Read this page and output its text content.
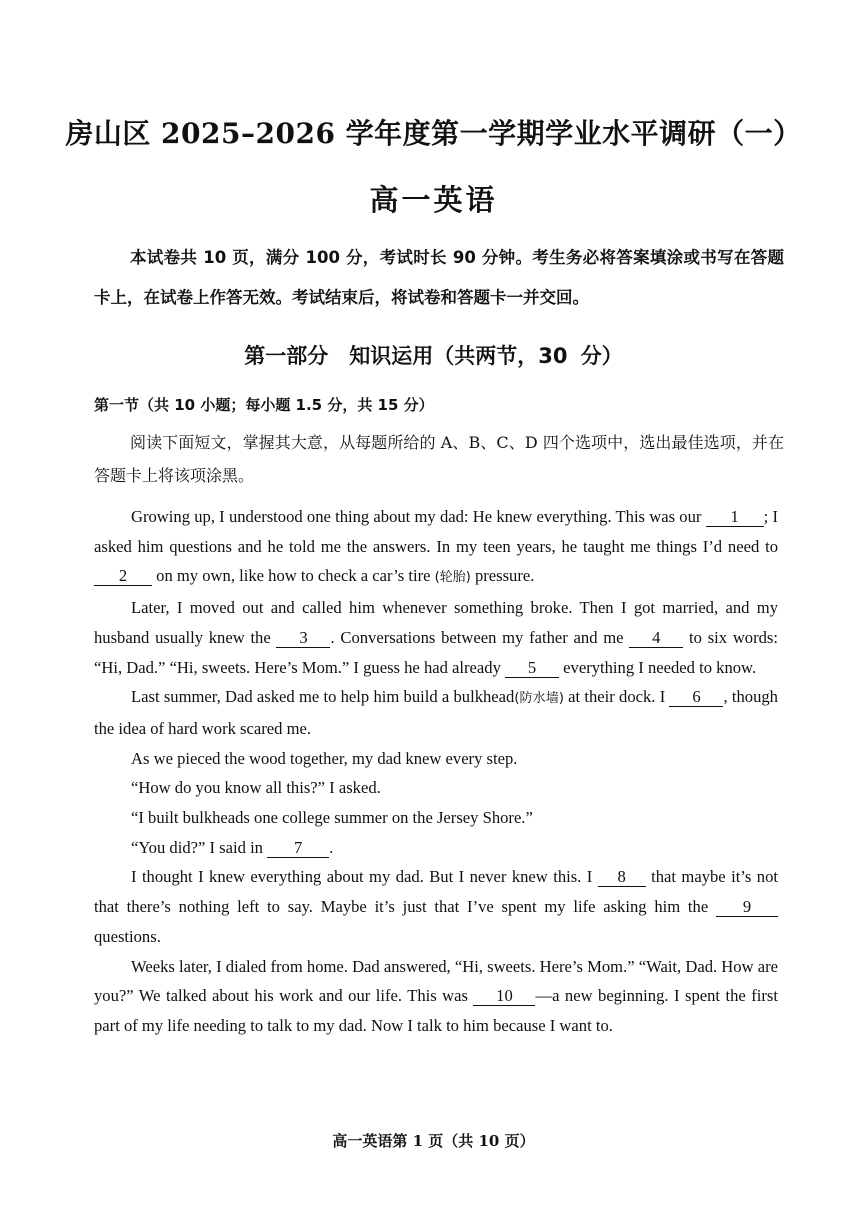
房山区 2025–2026 学年度第一学期学业水平调研（一）
高一英语
本试卷共 10 页，满分 100 分，考试时长 90 分钟。考生务必将答案填涂或书写在答题卡上，在试卷上作答无效。考试结束后，将试卷和答题卡一并交回。
第一部分　知识运用（共两节，30 分）
第一节（共 10 小题；每小题 1.5 分，共 15 分）
阅读下面短文，掌握其大意，从每题所给的 A、B、C、D 四个选项中，选出最佳选项，并在答题卡上将该项涂黑。

Growing up, I understood one thing about my dad: He knew everything. This was our 1 ; I asked him questions and he told me the answers. In my teen years, he taught me things I’d need to 2 on my own, like how to check a car’s tire (轮胎) pressure.

Later, I moved out and called him whenever something broke. Then I got married, and my husband usually knew the 3 . Conversations between my father and me 4 to six words: “Hi, Dad.” “Hi, sweets. Here’s Mom.” I guess he had already 5 everything I needed to know.

Last summer, Dad asked me to help him build a bulkhead(防水墙) at their dock. I 6 , though the idea of hard work scared me.

As we pieced the wood together, my dad knew every step.

“How do you know all this?” I asked.

“I built bulkheads one college summer on the Jersey Shore.”

“You did?” I said in 7 .

I thought I knew everything about my dad. But I never knew this. I 8 that maybe it’s not that there’s nothing left to say. Maybe it’s just that I’ve spent my life asking him the 9 questions.

Weeks later, I dialed from home. Dad answered, “Hi, sweets. Here’s Mom.” “Wait, Dad. How are you?” We talked about his work and our life. This was 10 —a new beginning. I spent the first part of my life needing to talk to my dad. Now I talk to him because I want to.

高一英语第 1 页（共 10 页）
